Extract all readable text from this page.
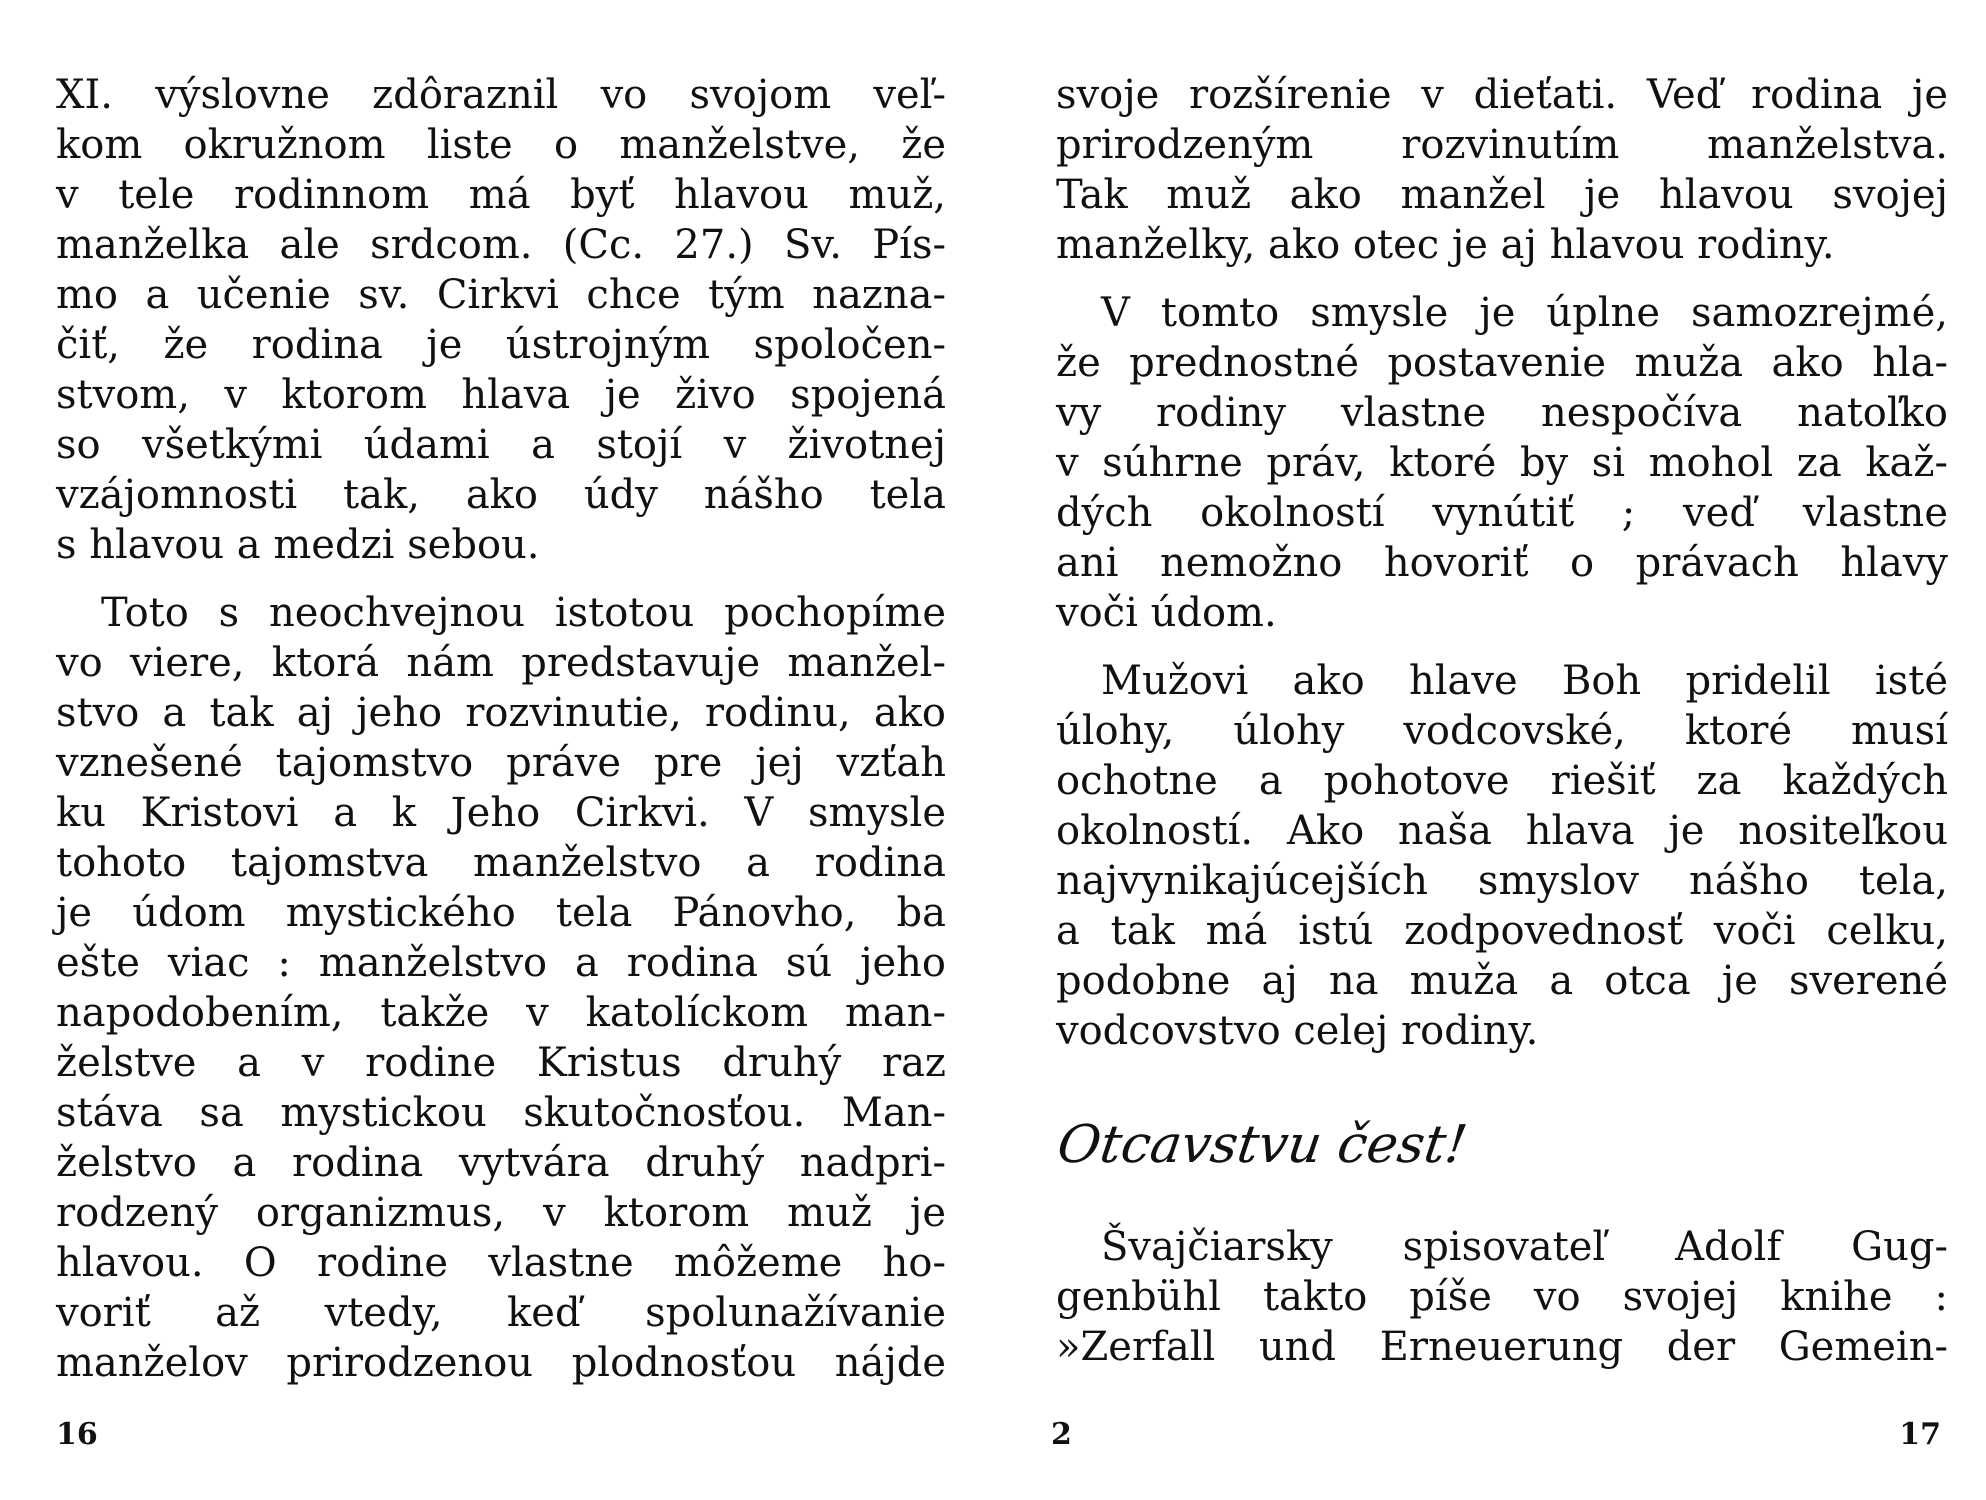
XI. výslovne zdôraznil vo svojom veľ-
kom okružnom liste o manželstve, že
v tele rodinnom má byť hlavou muž,
manželka ale srdcom. (Cc. 27.) Sv. Pís-
mo a učenie sv. Cirkvi chce tým nazna-
čiť, že rodina je ústrojným spoločen-
stvom, v ktorom hlava je živo spojená
so všetkými údami a stojí v životnej
vzájomnosti tak, ako údy nášho tela
s hlavou a medzi sebou.

Toto s neochvejnou istotou pochopíme
vo viere, ktorá nám predstavuje manžel-
stvo a tak aj jeho rozvinutie, rodinu, ako
vznešené tajomstvo práve pre jej vzťah
ku Kristovi a k Jeho Cirkvi. V smysle
tohoto tajomstva manželstvo a rodina
je údom mystického tela Pánovho, ba
ešte viac : manželstvo a rodina sú jeho
napodobením, takže v katolíckom man-
želstve a v rodine Kristus druhý raz
stáva sa mystickou skutočnosťou. Man-
želstvo a rodina vytvára druhý nadpri-
rodzený organizmus, v ktorom muž je
hlavou. O rodine vlastne môžeme ho-
voriť až vtedy, keď spolunažívanie
manželov prirodzenou plodnosťou nájde

16

svoje rozšírenie v dieťati. Veď rodina je
prirodzeným rozvinutím manželstva.
Tak muž ako manžel je hlavou svojej
manželky, ako otec je aj hlavou rodiny.

V tomto smysle je úplne samozrejmé,
že prednostné postavenie muža ako hla-
vy rodiny vlastne nespočíva natoľko
v súhrne práv, ktoré by si mohol za kaž-
dých okolností vynútiť ; veď vlastne
ani nemožno hovoriť o právach hlavy
voči údom.

Mužovi ako hlave Boh pridelil isté
úlohy, úlohy vodcovské, ktoré musí
ochotne a pohotove riešiť za každých
okolností. Ako naša hlava je nositeľkou
najvynikajúcejších smyslov nášho tela,
a tak má istú zodpovednosť voči celku,
podobne aj na muža a otca je sverené
vodcovstvo celej rodiny.

Otcavstvu čest!

Švajčiarsky spisovateľ Adolf Gug-
genbühl takto píše vo svojej knihe :
»Zerfall und Erneuerung der Gemein-

2	17
